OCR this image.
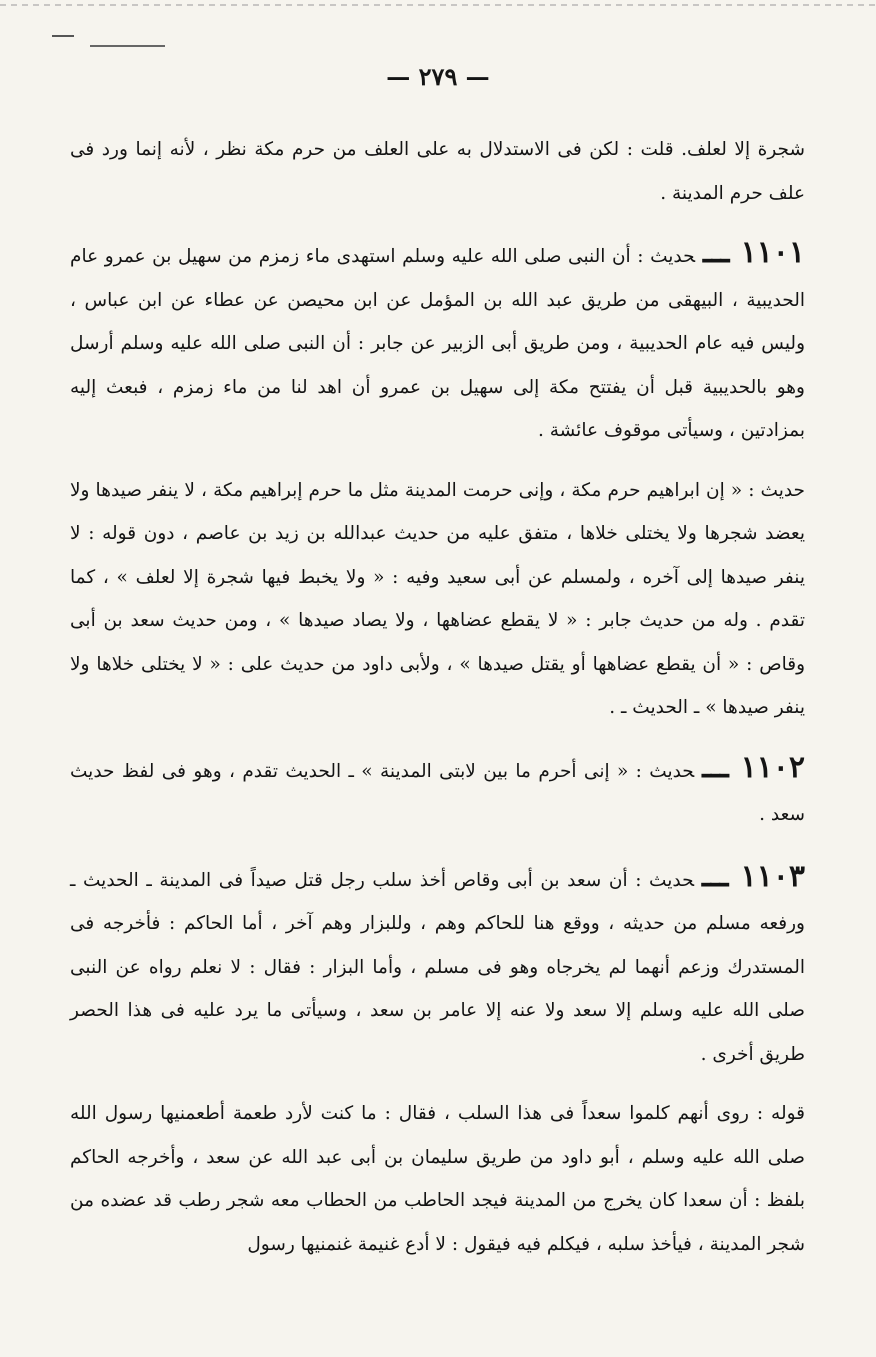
— ٢٧٩ —

شجرة إلا لعلف. قلت : لكن فى الاستدلال به على العلف من حرم مكة نظر ، لأنه إنما ورد فى علف حرم المدينة .

١١٠١ ـــحديث : أن النبى صلى الله عليه وسلم استهدى ماء زمزم من سهيل بن عمرو عام الحديبية ، البيهقى من طريق عبد الله بن المؤمل عن ابن محيصن عن عطاء عن ابن عباس ، وليس فيه عام الحديبية ، ومن طريق أبى الزبير عن جابر : أن النبى صلى الله عليه وسلم أرسل وهو بالحديبية قبل أن يفتتح مكة إلى سهيل بن عمرو أن اهد لنا من ماء زمزم ، فبعث إليه بمزادتين ، وسيأتى موقوف عائشة .

حديث : « إن ابراهيم حرم مكة ، وإنى حرمت المدينة مثل ما حرم إبراهيم مكة ، لا ينفر صيدها ولا يعضد شجرها ولا يختلى خلاها ، متفق عليه من حديث عبدالله بن زيد بن عاصم ، دون قوله : لا ينفر صيدها إلى آخره ، ولمسلم عن أبى سعيد وفيه : « ولا يخبط فيها شجرة إلا لعلف » ، كما تقدم . وله من حديث جابر : « لا يقطع عضاهها ، ولا يصاد صيدها » ، ومن حديث سعد بن أبى وقاص : « أن يقطع عضاهها أو يقتل صيدها » ، ولأبى داود من حديث على : « لا يختلى خلاها ولا ينفر صيدها » ـ الحديث ـ .

١١٠٢ ـــحديث : « إنى أحرم ما بين لابتى المدينة » ـ الحديث تقدم ، وهو فى لفظ حديث سعد .

١١٠٣ ـــحديث : أن سعد بن أبى وقاص أخذ سلب رجل قتل صيداً فى المدينة ـ الحديث ـ ورفعه مسلم من حديثه ، ووقع هنا للحاكم وهم ، وللبزار وهم آخر ، أما الحاكم : فأخرجه فى المستدرك وزعم أنهما لم يخرجاه وهو فى مسلم ، وأما البزار : فقال : لا نعلم رواه عن النبى صلى الله عليه وسلم إلا سعد ولا عنه إلا عامر بن سعد ، وسيأتى ما يرد عليه فى هذا الحصر طريق أخرى .

قوله : روى أنهم كلموا سعداً فى هذا السلب ، فقال : ما كنت لأرد طعمة أطعمنيها رسول الله صلى الله عليه وسلم ، أبو داود من طريق سليمان بن أبى عبد الله عن سعد ، وأخرجه الحاكم بلفظ : أن سعدا كان يخرج من المدينة فيجد الحاطب من الحطاب معه شجر رطب قد عضده من شجر المدينة ، فيأخذ سلبه ، فيكلم فيه فيقول : لا أدع غنيمة غنمنيها رسول
